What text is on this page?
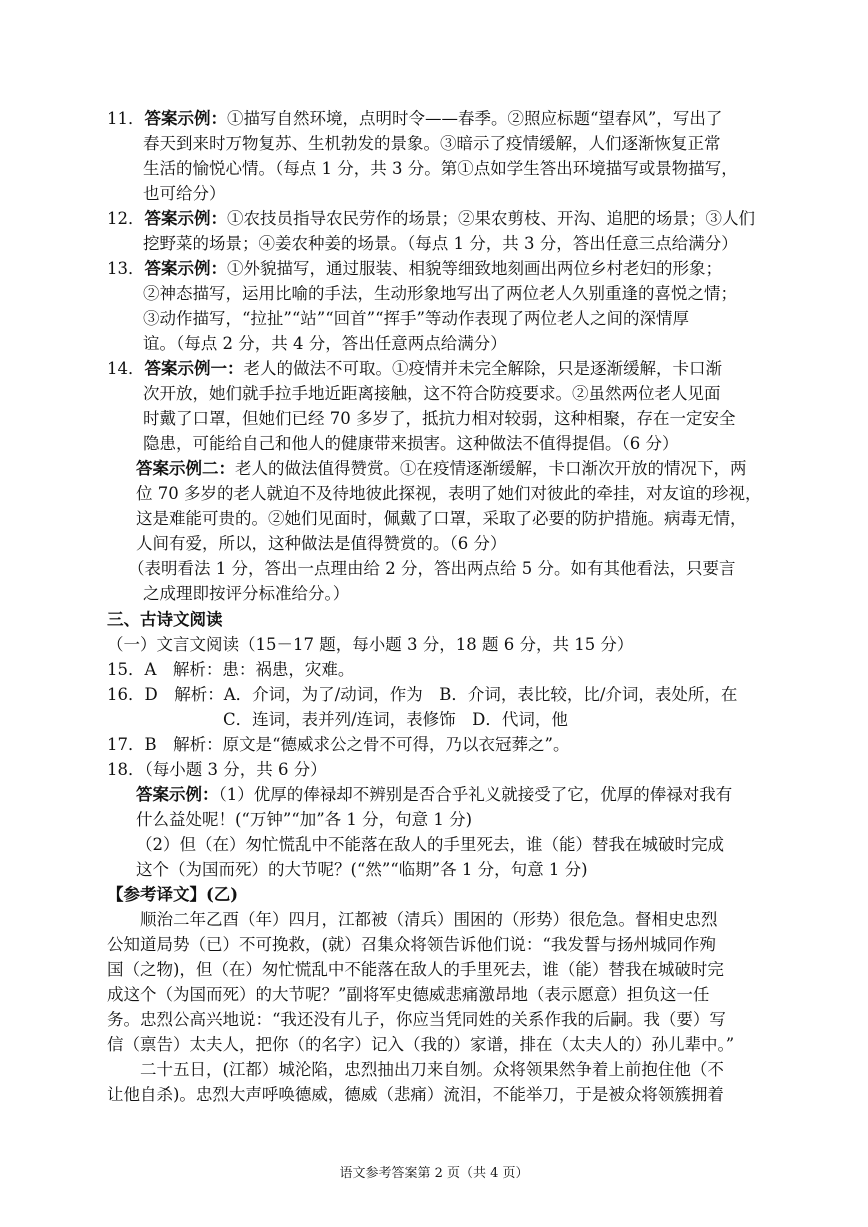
11．答案示例：①描写自然环境，点明时令——春季。②照应标题“望春风”，写出了
春天到来时万物复苏、生机勃发的景象。③暗示了疫情缓解，人们逐渐恢复正常
生活的愉悦心情。（每点 1 分，共 3 分。第①点如学生答出环境描写或景物描写，
也可给分）
12．答案示例：①农技员指导农民劳作的场景；②果农剪枝、开沟、追肥的场景；③人们
挖野菜的场景；④姜农种姜的场景。（每点 1 分，共 3 分，答出任意三点给满分）
13．答案示例：①外貌描写，通过服装、相貌等细致地刻画出两位乡村老妇的形象；
②神态描写，运用比喻的手法，生动形象地写出了两位老人久别重逢的喜悦之情；
③动作描写，“拉扯”“站”“回首”“挥手”等动作表现了两位老人之间的深情厚
谊。（每点 2 分，共 4 分，答出任意两点给满分）
14．答案示例一：老人的做法不可取。①疫情并未完全解除，只是逐渐缓解，卡口渐
次开放，她们就手拉手地近距离接触，这不符合防疫要求。②虽然两位老人见面
时戴了口罩，但她们已经 70 多岁了，抵抗力相对较弱，这种相聚，存在一定安全
隐患，可能给自己和他人的健康带来损害。这种做法不值得提倡。（6 分）
答案示例二：老人的做法值得赞赏。①在疫情逐渐缓解，卡口渐次开放的情况下，两
位 70 多岁的老人就迫不及待地彼此探视，表明了她们对彼此的牵挂，对友谊的珍视，
这是难能可贵的。②她们见面时，佩戴了口罩，采取了必要的防护措施。病毒无情，
人间有爱，所以，这种做法是值得赞赏的。（6 分）
（表明看法 1 分，答出一点理由给 2 分，答出两点给 5 分。如有其他看法，只要言
之成理即按评分标准给分。）
三、古诗文阅读
（一）文言文阅读（15－17 题，每小题 3 分，18 题 6 分，共 15 分）
15．A　解析：患：祸患，灾难。
16．D　解析：A．介词，为了/动词，作为　B．介词，表比较，比/介词，表处所，在
C．连词，表并列/连词，表修饰　D．代词，他
17．B　解析：原文是“德威求公之骨不可得，乃以衣冠葬之”。
18．（每小题 3 分，共 6 分）
答案示例：（1）优厚的俸禄却不辨别是否合乎礼义就接受了它，优厚的俸禄对我有
什么益处呢！(“万钟”“加”各 1 分，句意 1 分)
（2）但（在）匆忙慌乱中不能落在敌人的手里死去，谁（能）替我在城破时完成
这个（为国而死）的大节呢？(“然”“临期”各 1 分，句意 1 分)
【参考译文】(乙)
　　顺治二年乙酉（年）四月，江都被（清兵）围困的（形势）很危急。督相史忠烈
公知道局势（已）不可挽救，(就）召集众将领告诉他们说：“我发誓与扬州城同作殉
国（之物)，但（在）匆忙慌乱中不能落在敌人的手里死去，谁（能）替我在城破时完
成这个（为国而死）的大节呢？”副将军史德威悲痛激昂地（表示愿意）担负这一任
务。忠烈公高兴地说：“我还没有儿子，你应当凭同姓的关系作我的后嗣。我（要）写
信（禀告）太夫人，把你（的名字）记入（我的）家谱，排在（太夫人的）孙儿辈中。”
　　二十五日，(江都）城沦陷，忠烈抽出刀来自刎。众将领果然争着上前抱住他（不
让他自杀)。忠烈大声呼唤德威，德威（悲痛）流泪，不能举刀，于是被众将领簇拥着
语文参考答案第 2 页（共 4 页）
